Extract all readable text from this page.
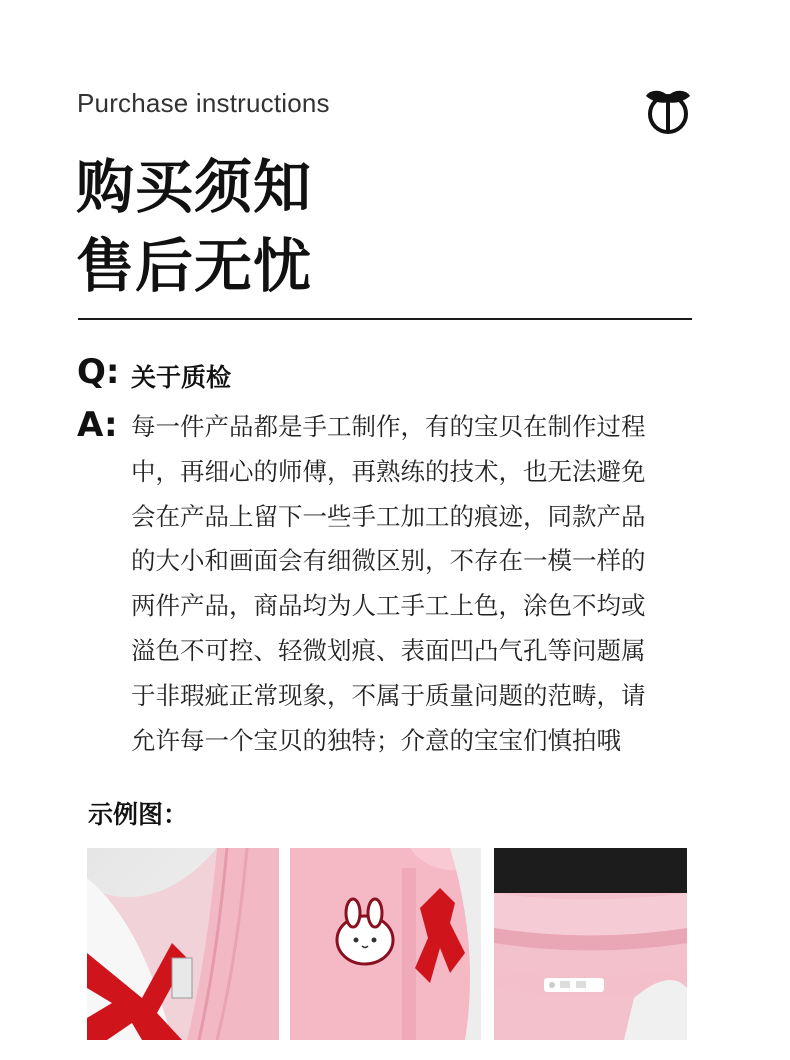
Purchase instructions
购买须知
售后无忧
Q: 关于质检
A: 每一件产品都是手工制作，有的宝贝在制作过程
中，再细心的师傅，再熟练的技术，也无法避免
会在产品上留下一些手工加工的痕迹，同款产品
的大小和画面会有细微区别，不存在一模一样的
两件产品，商品均为人工手工上色，涂色不均或
溢色不可控、轻微划痕、表面凹凸气孔等问题属
于非瑕疵正常现象，不属于质量问题的范畴，请
允许每一个宝贝的独特；介意的宝宝们慎拍哦
示例图：
